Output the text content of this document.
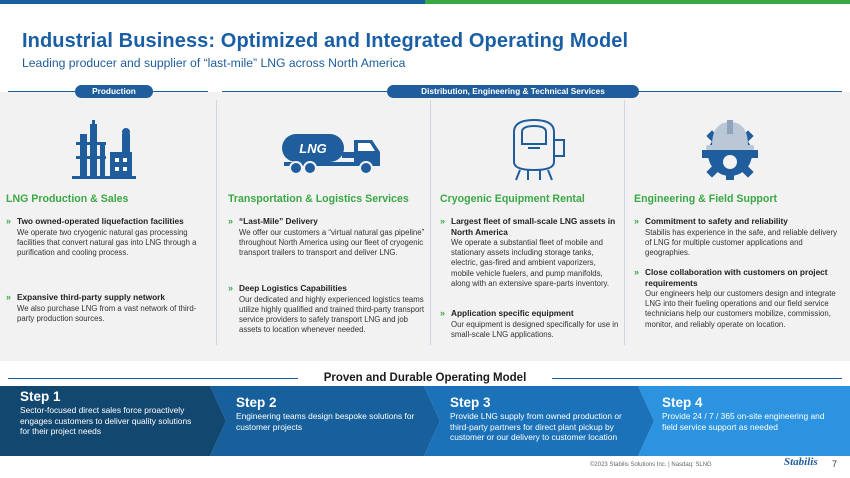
Industrial Business: Optimized and Integrated Operating Model
Leading producer and supplier of “last-mile” LNG across North America
Production	Distribution, Engineering & Technical Services
LNG Production & Sales
» Two owned-operated liquefaction facilities
We operate two cryogenic natural gas processing facilities that convert natural gas into LNG through a purification and cooling process.
» Expansive third-party supply network
We also purchase LNG from a vast network of third-party production sources.
LNG
Transportation & Logistics Services
» “Last-Mile” Delivery
We offer our customers a “virtual natural gas pipeline” throughout North America using our fleet of cryogenic transport trailers to transport and deliver LNG.
» Deep Logistics Capabilities
Our dedicated and highly experienced logistics teams utilize highly qualified and trained third-party transport service providers to safely transport LNG and job assets to location whenever needed.
Cryogenic Equipment Rental
» Largest fleet of small-scale LNG assets in North America
We operate a substantial fleet of mobile and stationary assets including storage tanks, electric, gas-fired and ambient vaporizers, mobile vehicle fuelers, and pump manifolds, along with an extensive spare-parts inventory.
» Application specific equipment
Our equipment is designed specifically for use in small-scale LNG applications.
Engineering & Field Support
» Commitment to safety and reliability
Stabilis has experience in the safe, and reliable delivery of LNG for multiple customer applications and geographies.
» Close collaboration with customers on project requirements
Our engineers help our customers design and integrate LNG into their fueling operations and our field service technicians help our customers mobilize, commission, monitor, and reliably operate on location.
Proven and Durable Operating Model
Step 1
Sector-focused direct sales force proactively engages customers to deliver quality solutions for their project needs
Step 2
Engineering teams design bespoke solutions for customer projects
Step 3
Provide LNG supply from owned production or third-party partners for direct plant pickup by customer or our delivery to customer location
Step 4
Provide 24 / 7 / 365 on-site engineering and field service support as needed
©2023 Stabilis Solutions Inc. | Nasdaq: SLNG	Stabilis 7
